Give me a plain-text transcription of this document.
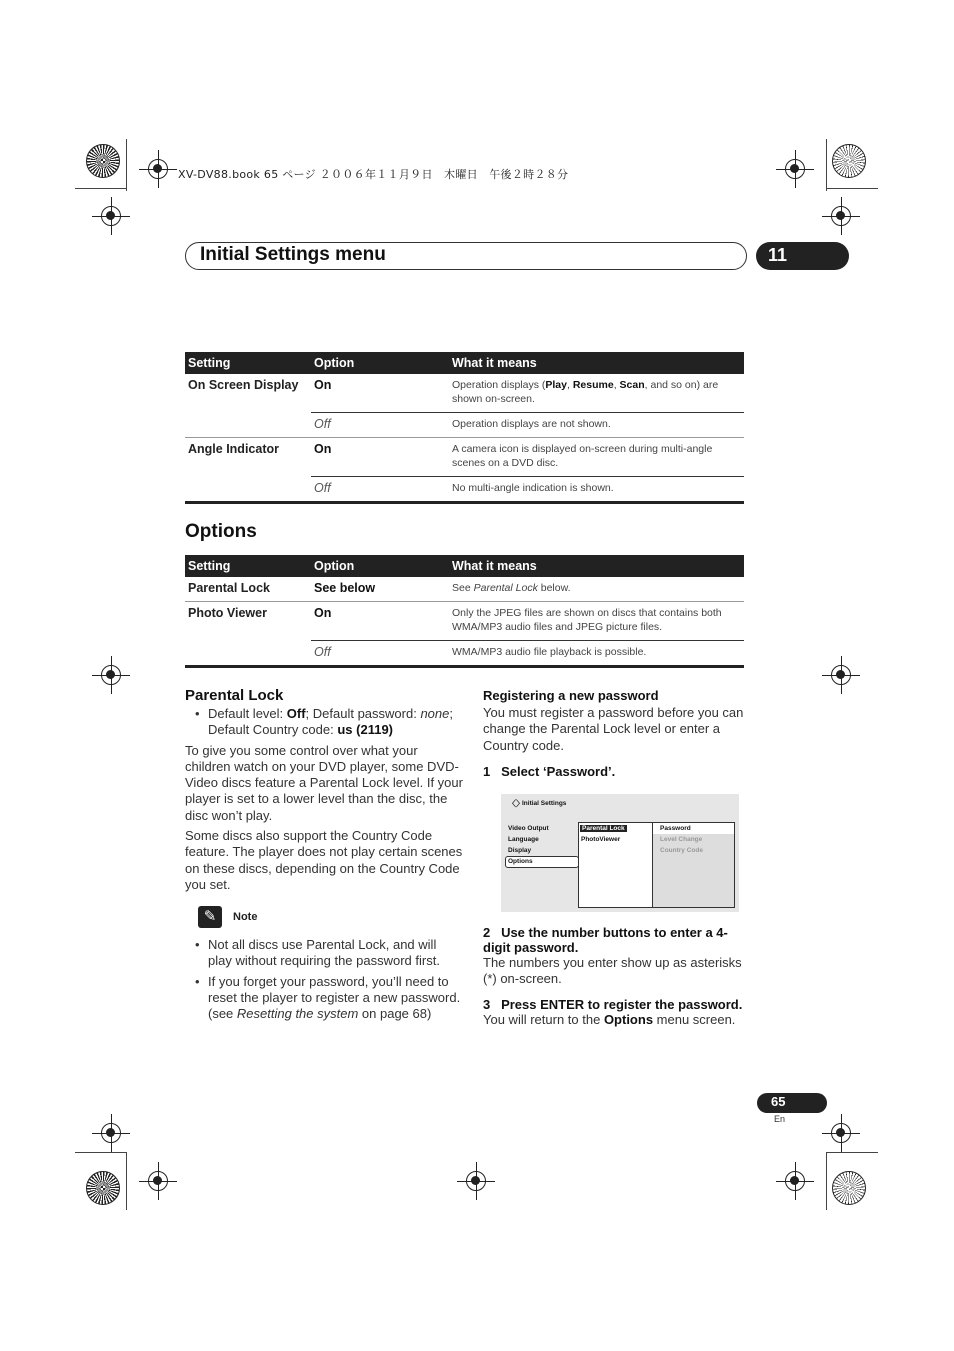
XV-DV88.book 65 ページ ２００６年１１月９日　木曜日　午後２時２８分
Initial Settings menu	11
Setting	Option	What it means
On Screen Display	On	Operation displays (Play, Resume, Scan, and so on) are shown on-screen.
	Off	Operation displays are not shown.
Angle Indicator	On	A camera icon is displayed on-screen during multi-angle scenes on a DVD disc.
	Off	No multi-angle indication is shown.
Options
Setting	Option	What it means
Parental Lock	See below	See Parental Lock below.
Photo Viewer	On	Only the JPEG files are shown on discs that contains both WMA/MP3 audio files and JPEG picture files.
	Off	WMA/MP3 audio file playback is possible.
Parental Lock
• Default level: Off; Default password: none; Default Country code: us (2119)
To give you some control over what your children watch on your DVD player, some DVD-Video discs feature a Parental Lock level. If your player is set to a lower level than the disc, the disc won’t play.
Some discs also support the Country Code feature. The player does not play certain scenes on these discs, depending on the Country Code you set.
✎	Note
• Not all discs use Parental Lock, and will play without requiring the password first.
• If you forget your password, you’ll need to reset the player to register a new password. (see Resetting the system on page 68)
Registering a new password
You must register a password before you can change the Parental Lock level or enter a Country code.
1   Select ‘Password’.
〈〉
Initial Settings
Video Output
Language
Display
Options
Parental Lock
PhotoViewer
Password
Level Change
Country Code
2   Use the number buttons to enter a 4-digit password.
The numbers you enter show up as asterisks (*) on-screen.
3   Press ENTER to register the password.
You will return to the Options menu screen.
65
En
